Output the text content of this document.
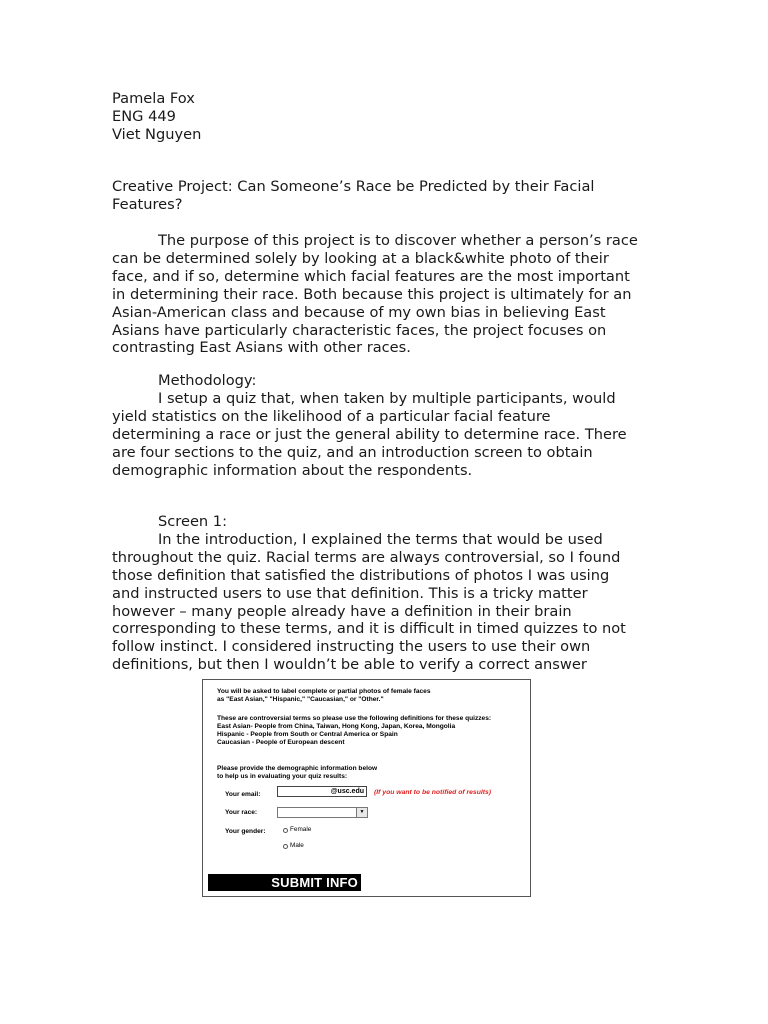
Pamela Fox

ENG 449

Viet Nguyen

Creative Project: Can Someone’s Race be Predicted by their Facial

Features?

The purpose of this project is to discover whether a person’s race

can be determined solely by looking at a black&white photo of their

face, and if so, determine which facial features are the most important

in determining their race. Both because this project is ultimately for an

Asian-American class and because of my own bias in believing East

Asians have particularly characteristic faces, the project focuses on

contrasting East Asians with other races.

Methodology:

I setup a quiz that, when taken by multiple participants, would

yield statistics on the likelihood of a particular facial feature

determining a race or just the general ability to determine race. There

are four sections to the quiz, and an introduction screen to obtain

demographic information about the respondents.

Screen 1:

In the introduction, I explained the terms that would be used

throughout the quiz. Racial terms are always controversial, so I found

those definition that satisfied the distributions of photos I was using

and instructed users to use that definition. This is a tricky matter

however – many people already have a definition in their brain

corresponding to these terms, and it is difficult in timed quizzes to not

follow instinct. I considered instructing the users to use their own

definitions, but then I wouldn’t be able to verify a correct answer

You will be asked to label complete or partial photos of female faces
as "East Asian," "Hispanic," "Caucasian," or "Other."
These are controversial terms so please use the following definitions for these quizzes:
East Asian- People from China, Taiwan, Hong Kong, Japan, Korea, Mongolia
Hispanic - People from South or Central America or Spain
Caucasian - People of European descent
Please provide the demographic information below
to help us in evaluating your quiz results:
Your email:	@usc.edu	(If you want to be notified of results)
Your race:	▼
Your gender:	Female
Male
SUBMIT INFO
